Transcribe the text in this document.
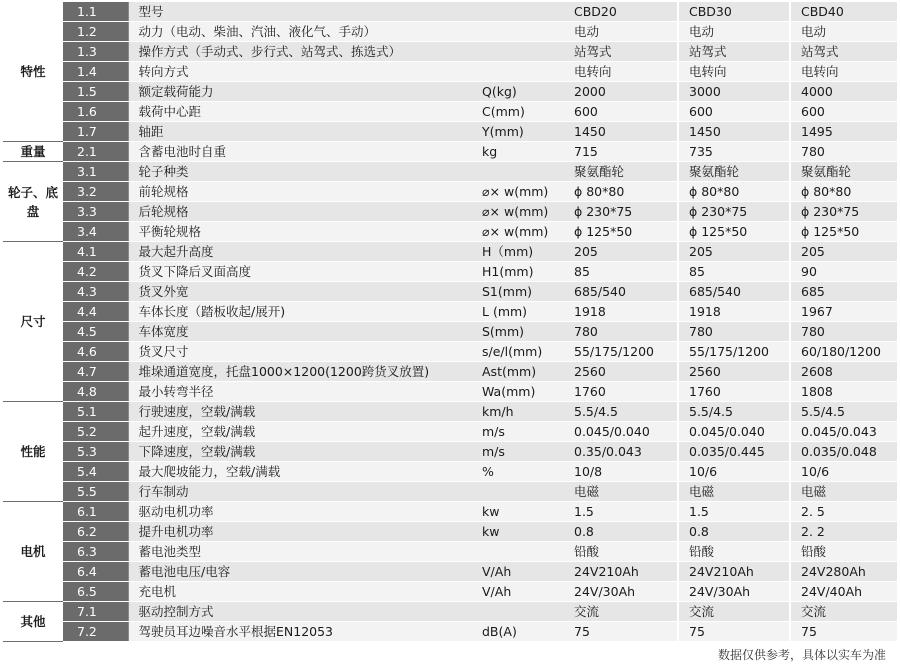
特性	1.1	型号		CBD20	CBD30	CBD40
	1.2	动力（电动、柴油、汽油、液化气、手动）		电动	电动	电动
	1.3	操作方式（手动式、步行式、站驾式、拣选式）		站驾式	站驾式	站驾式
	1.4	转向方式		电转向	电转向	电转向
	1.5	额定载荷能力	Q(kg)	2000	3000	4000
	1.6	载荷中心距	C(mm)	600	600	600
	1.7	轴距	Y(mm)	1450	1450	1495
重量	2.1	含蓄电池时自重	kg	715	735	780
轮子、底盘	3.1	轮子种类		聚氨酯轮	聚氨酯轮	聚氨酯轮
	3.2	前轮规格	⌀× w(mm)	ϕ 80*80	ϕ 80*80	ϕ 80*80
	3.3	后轮规格	⌀× w(mm)	ϕ 230*75	ϕ 230*75	ϕ 230*75
	3.4	平衡轮规格	⌀× w(mm)	ϕ 125*50	ϕ 125*50	ϕ 125*50
尺寸	4.1	最大起升高度	H（mm)	205	205	205
	4.2	货叉下降后叉面高度	H1(mm)	85	85	90
	4.3	货叉外宽	S1(mm)	685/540	685/540	685
	4.4	车体长度（踏板收起/展开)	L (mm)	1918	1918	1967
	4.5	车体宽度	S(mm)	780	780	780
	4.6	货叉尺寸	s/e/l(mm)	55/175/1200	55/175/1200	60/180/1200
	4.7	堆垛通道宽度，托盘1000×1200(1200跨货叉放置)	Ast(mm)	2560	2560	2608
	4.8	最小转弯半径	Wa(mm)	1760	1760	1808
性能	5.1	行驶速度，空载/满载	km/h	5.5/4.5	5.5/4.5	5.5/4.5
	5.2	起升速度，空载/满载	m/s	0.045/0.040	0.045/0.040	0.045/0.043
	5.3	下降速度，空载/满载	m/s	0.35/0.043	0.035/0.445	0.035/0.048
	5.4	最大爬坡能力，空载/满载	%	10/8	10/6	10/6
	5.5	行车制动		电磁	电磁	电磁
电机	6.1	驱动电机功率	kw	1.5	1.5	2. 5
	6.2	提升电机功率	kw	0.8	0.8	2. 2
	6.3	蓄电池类型		铅酸	铅酸	铅酸
	6.4	蓄电池电压/电容	V/Ah	24V210Ah	24V210Ah	24V280Ah
	6.5	充电机	V/Ah	24V/30Ah	24V/30Ah	24V/40Ah
其他	7.1	驱动控制方式		交流	交流	交流
	7.2	驾驶员耳边噪音水平根据EN12053	dB(A)	75	75	75
数据仅供参考，具体以实车为准
